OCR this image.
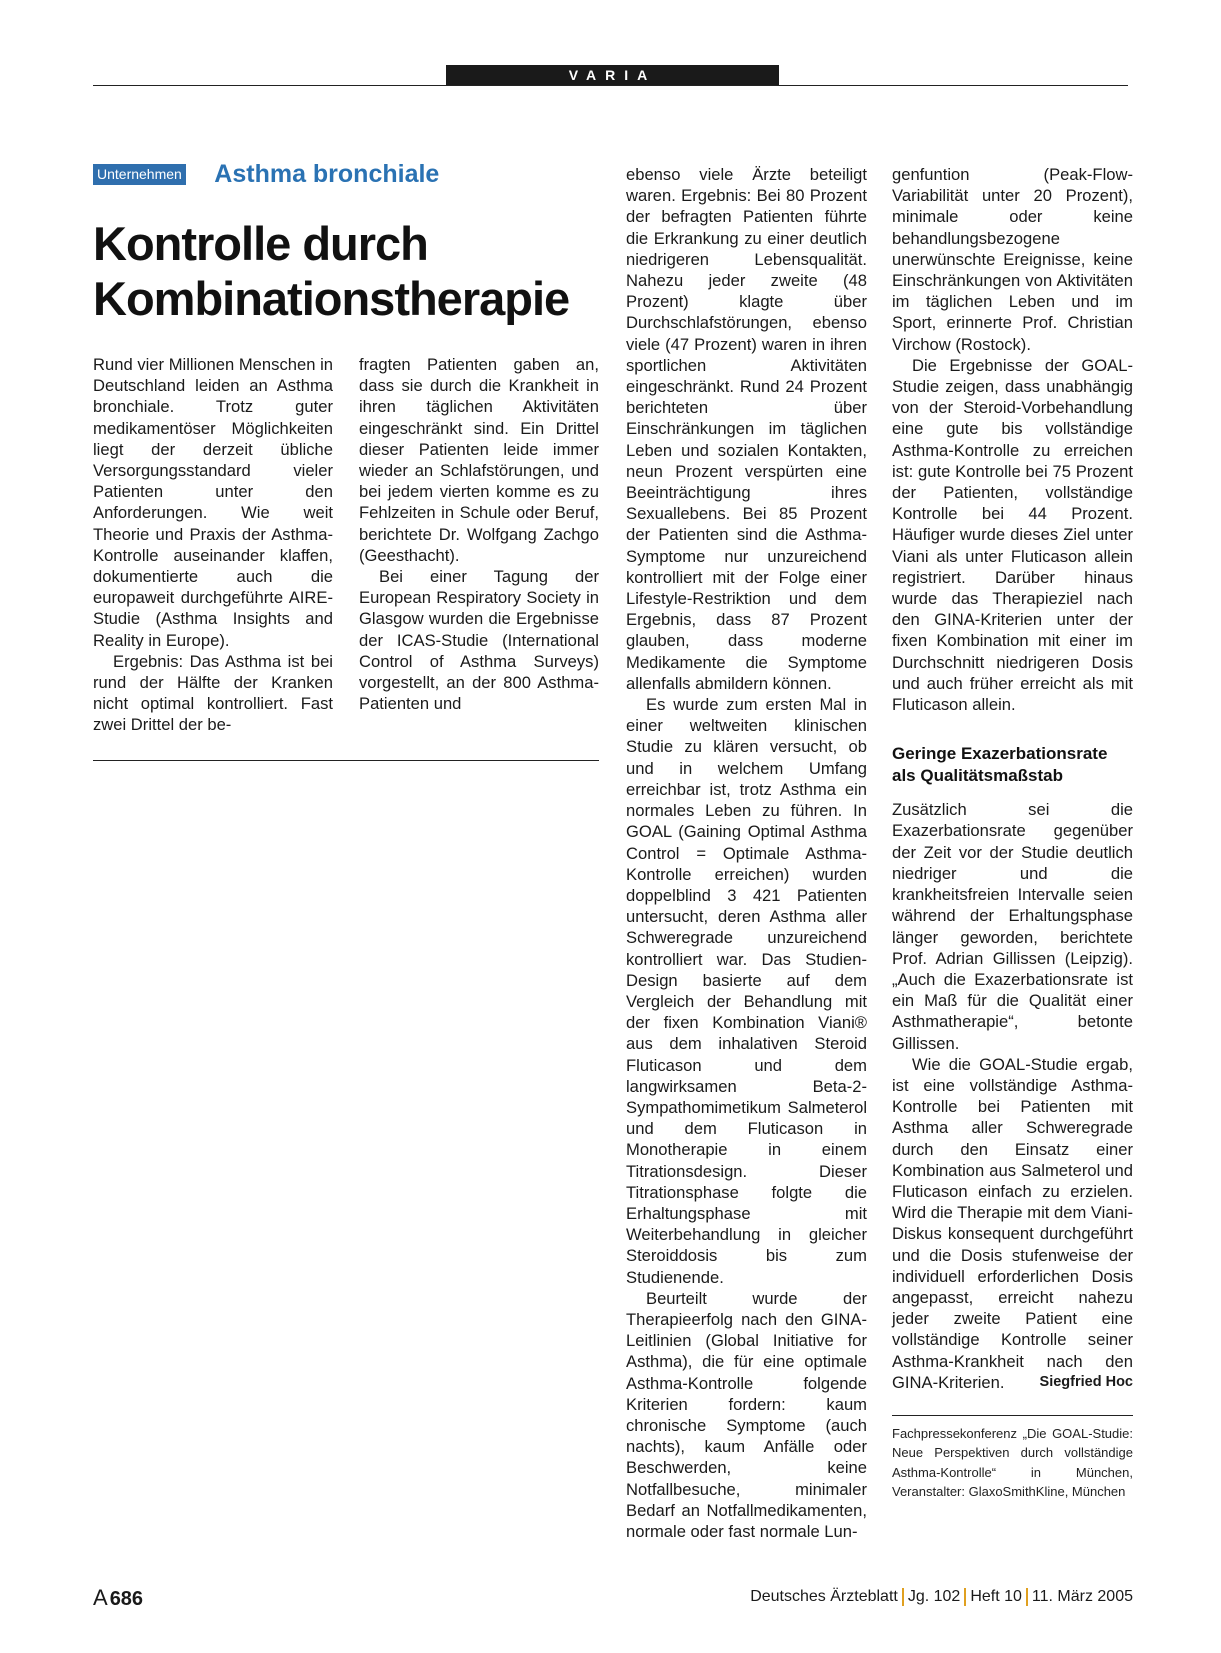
VARIA
Unternehmen Asthma bronchiale
Kontrolle durch
Kombinationstherapie

Rund vier Millionen Menschen in Deutschland leiden an Asthma bronchiale. Trotz guter medikamentöser Möglichkeiten liegt der derzeit übliche Versorgungsstandard vieler Patienten unter den Anforderungen. Wie weit Theorie und Praxis der Asthma-Kontrolle auseinander klaffen, dokumentierte auch die europaweit durchgeführte AIRE-Studie (Asthma Insights and Reality in Europe).

Ergebnis: Das Asthma ist bei rund der Hälfte der Kranken nicht optimal kontrolliert. Fast zwei Drittel der be-

fragten Patienten gaben an, dass sie durch die Krankheit in ihren täglichen Aktivitäten eingeschränkt sind. Ein Drittel dieser Patienten leide immer wieder an Schlafstörungen, und bei jedem vierten komme es zu Fehlzeiten in Schule oder Beruf, berichtete Dr. Wolfgang Zachgo (Geesthacht).

Bei einer Tagung der European Respiratory Society in Glasgow wurden die Ergebnisse der ICAS-Studie (International Control of Asthma Surveys) vorgestellt, an der 800 Asthma-Patienten und

ebenso viele Ärzte beteiligt waren. Ergebnis: Bei 80 Prozent der befragten Patienten führte die Erkrankung zu einer deutlich niedrigeren Lebensqualität. Nahezu jeder zweite (48 Prozent) klagte über Durchschlafstörungen, ebenso viele (47 Prozent) waren in ihren sportlichen Aktivitäten eingeschränkt. Rund 24 Prozent berichteten über Einschränkungen im täglichen Leben und sozialen Kontakten, neun Prozent verspürten eine Beeinträchtigung ihres Sexuallebens. Bei 85 Prozent der Patienten sind die Asthma-Symptome nur unzureichend kontrolliert mit der Folge einer Lifestyle-Restriktion und dem Ergebnis, dass 87 Prozent glauben, dass moderne Medikamente die Symptome allenfalls abmildern können.

Es wurde zum ersten Mal in einer weltweiten klinischen Studie zu klären versucht, ob und in welchem Umfang erreichbar ist, trotz Asthma ein normales Leben zu führen. In GOAL (Gaining Optimal Asthma Control = Optimale Asthma-Kontrolle erreichen) wurden doppelblind 3 421 Patienten untersucht, deren Asthma aller Schweregrade unzureichend kontrolliert war. Das Studien-Design basierte auf dem Vergleich der Behandlung mit der fixen Kombination Viani® aus dem inhalativen Steroid Fluticason und dem langwirksamen Beta-2-Sympathomimetikum Salmeterol und dem Fluticason in Monotherapie in einem Titrationsdesign. Dieser Titrationsphase folgte die Erhaltungsphase mit Weiterbehandlung in gleicher Steroiddosis bis zum Studienende.

Beurteilt wurde der Therapieerfolg nach den GINA-Leitlinien (Global Initiative for Asthma), die für eine optimale Asthma-Kontrolle folgende Kriterien fordern: kaum chronische Symptome (auch nachts), kaum Anfälle oder Beschwerden, keine Notfallbesuche, minimaler Bedarf an Notfallmedikamenten, normale oder fast normale Lun-

genfuntion (Peak-Flow-Variabilität unter 20 Prozent), minimale oder keine behandlungsbezogene unerwünschte Ereignisse, keine Einschränkungen von Aktivitäten im täglichen Leben und im Sport, erinnerte Prof. Christian Virchow (Rostock).

Die Ergebnisse der GOAL-Studie zeigen, dass unabhängig von der Steroid-Vorbehandlung eine gute bis vollständige Asthma-Kontrolle zu erreichen ist: gute Kontrolle bei 75 Prozent der Patienten, vollständige Kontrolle bei 44 Prozent. Häufiger wurde dieses Ziel unter Viani als unter Fluticason allein registriert. Darüber hinaus wurde das Therapieziel nach den GINA-Kriterien unter der fixen Kombination mit einer im Durchschnitt niedrigeren Dosis und auch früher erreicht als mit Fluticason allein.

Geringe Exazerbationsrate als Qualitätsmaßstab

Zusätzlich sei die Exazerbationsrate gegenüber der Zeit vor der Studie deutlich niedriger und die krankheitsfreien Intervalle seien während der Erhaltungsphase länger geworden, berichtete Prof. Adrian Gillissen (Leipzig). „Auch die Exazerbationsrate ist ein Maß für die Qualität einer Asthmatherapie“, betonte Gillissen.

Wie die GOAL-Studie ergab, ist eine vollständige Asthma-Kontrolle bei Patienten mit Asthma aller Schweregrade durch den Einsatz einer Kombination aus Salmeterol und Fluticason einfach zu erzielen. Wird die Therapie mit dem Viani-Diskus konsequent durchgeführt und die Dosis stufenweise der individuell erforderlichen Dosis angepasst, erreicht nahezu jeder zweite Patient eine vollständige Kontrolle seiner Asthma-Krankheit nach den GINA-Kriterien.	Siegfried Hoc

Fachpressekonferenz „Die GOAL-Studie: Neue Perspektiven durch vollständige Asthma-Kontrolle“ in München, Veranstalter: GlaxoSmithKline, München
A 686	Deutsches Ärzteblatt Jg. 102 Heft 10 11. März 2005
